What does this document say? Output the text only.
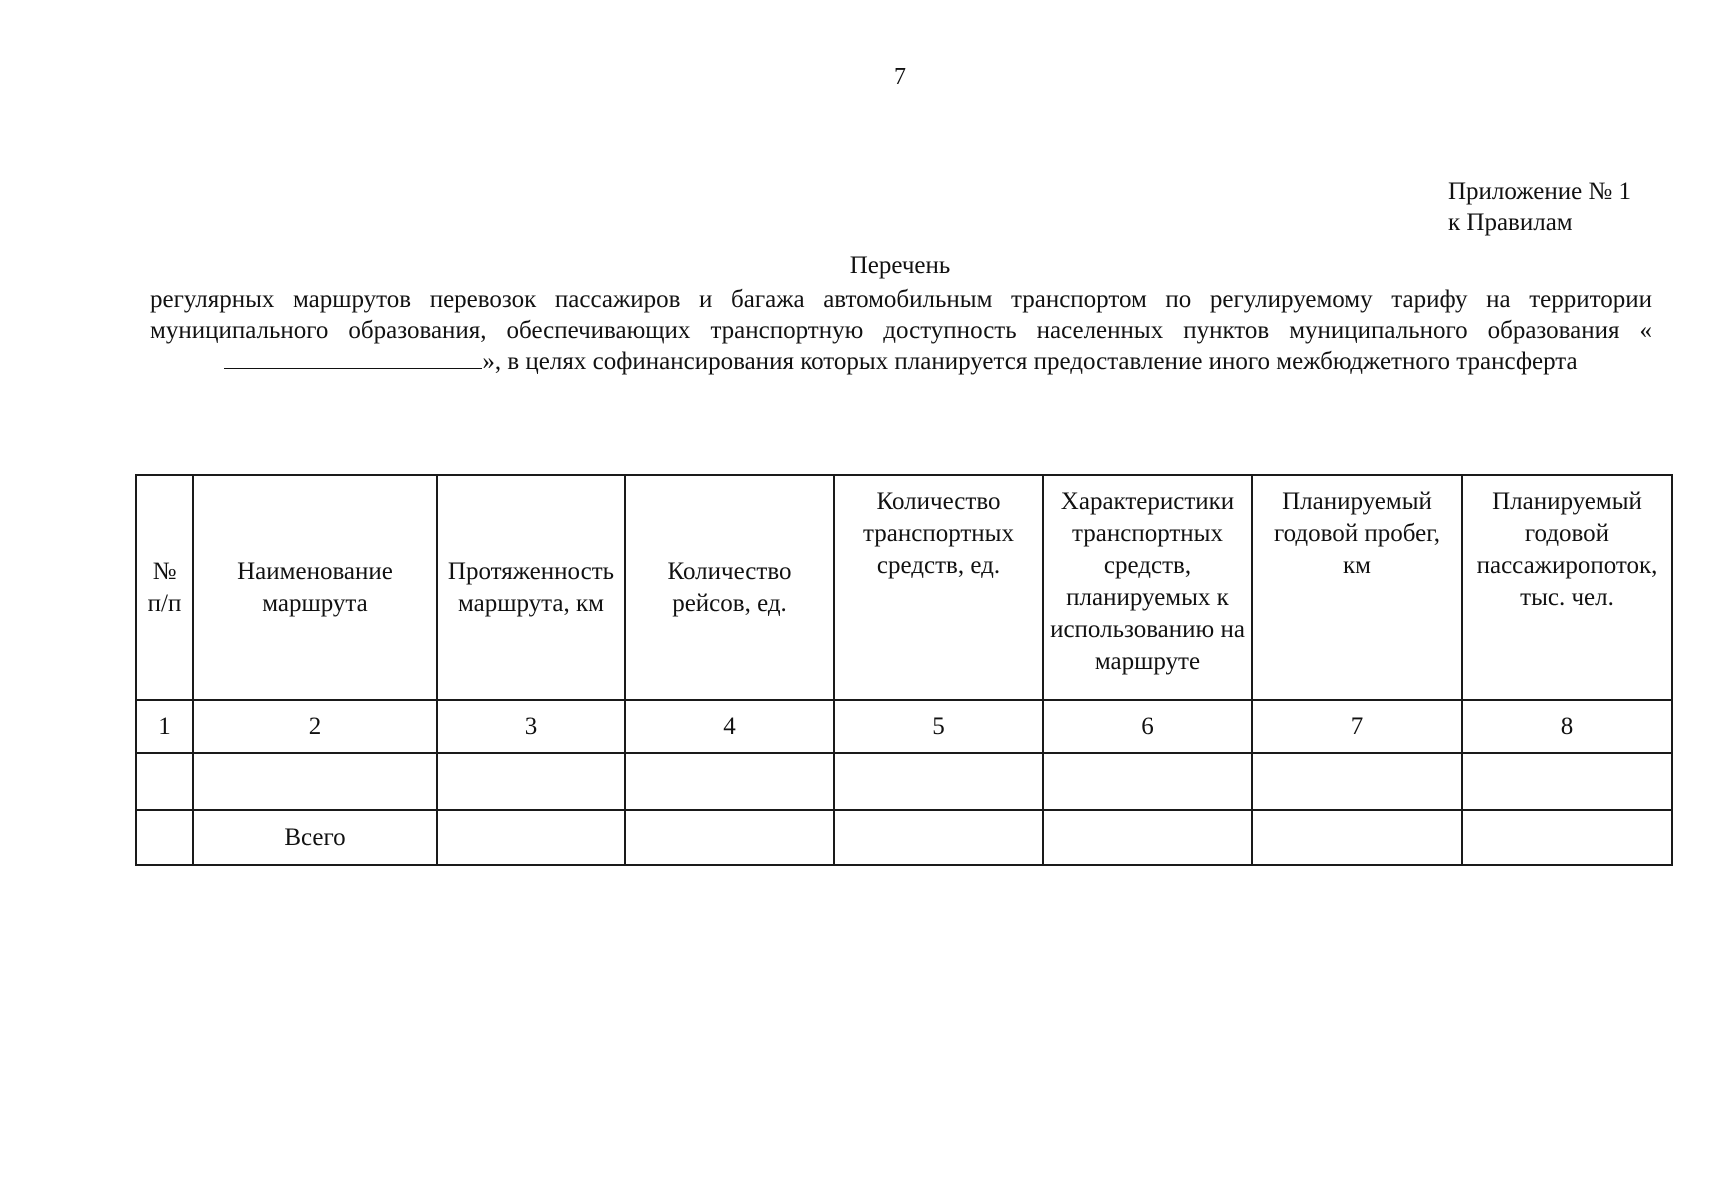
7
Приложение № 1
к Правилам
Перечень
регулярных маршрутов перевозок пассажиров и багажа автомобильным транспортом по регулируемому тарифу на территории муниципального образования, обеспечивающих транспортную доступность населенных пунктов муниципального образования «», в целях софинансирования которых планируется предоставление иного межбюджетного трансферта
№ п/п	Наименование маршрута	Протяженность маршрута, км	Количество рейсов, ед.	Количество транспортных средств, ед.	Характеристики транспортных средств, планируемых к использованию на маршруте	Планируемый годовой пробег, км	Планируемый годовой пассажиропоток, тыс. чел.
1	2	3	4	5	6	7	8

	Всего						
